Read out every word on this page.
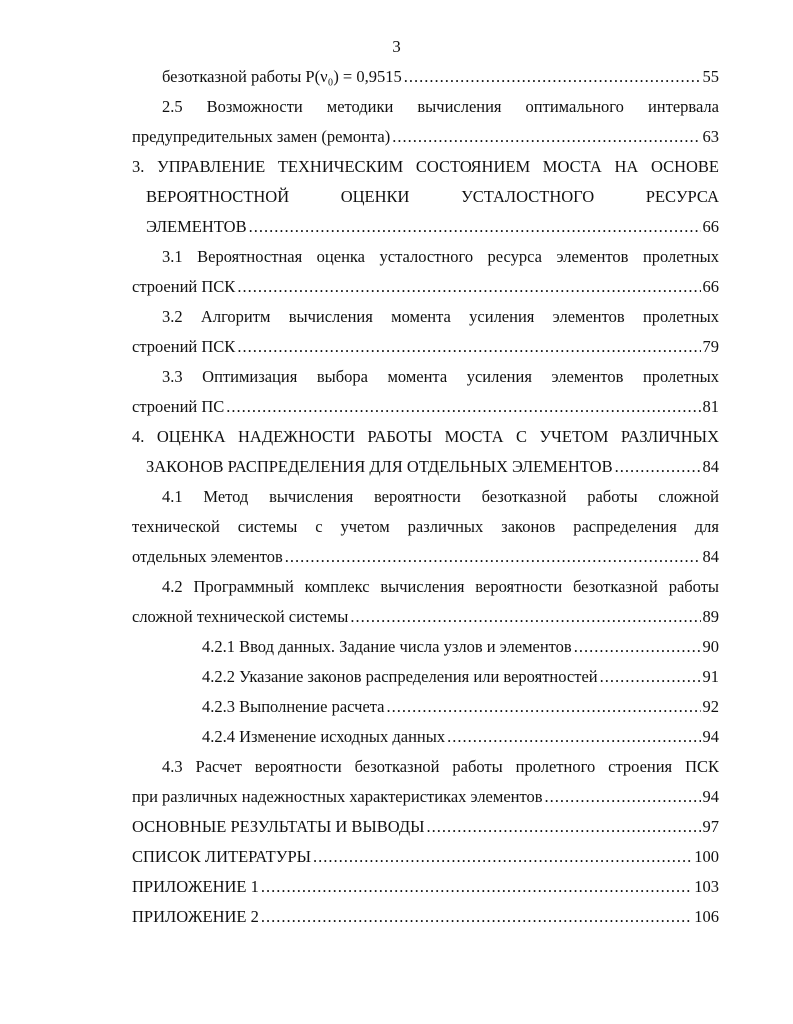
3
безотказной работы P(ν₀) = 0,9515 .....	55
2.5 Возможности методики вычисления оптимального интервала
предупредительных замен (ремонта) .....	63
3. УПРАВЛЕНИЕ ТЕХНИЧЕСКИМ СОСТОЯНИЕМ МОСТА НА ОСНОВЕ
ВЕРОЯТНОСТНОЙ ОЦЕНКИ УСТАЛОСТНОГО РЕСУРСА
ЭЛЕМЕНТОВ .....	66
3.1 Вероятностная оценка усталостного ресурса элементов пролетных
строений ПСК .....	66
3.2 Алгоритм вычисления момента усиления элементов пролетных
строений ПСК .....	79
3.3 Оптимизация выбора момента усиления элементов пролетных
строений ПС .....	81
4. ОЦЕНКА НАДЕЖНОСТИ РАБОТЫ МОСТА С УЧЕТОМ РАЗЛИЧНЫХ
ЗАКОНОВ РАСПРЕДЕЛЕНИЯ ДЛЯ ОТДЕЛЬНЫХ ЭЛЕМЕНТОВ .....	84
4.1 Метод вычисления вероятности безотказной работы сложной
технической системы с учетом различных законов распределения для
отдельных элементов .....	84
4.2 Программный комплекс вычисления вероятности безотказной работы
сложной технической системы .....	89
4.2.1 Ввод данных. Задание числа узлов и элементов .....	90
4.2.2 Указание законов распределения или вероятностей .....	91
4.2.3 Выполнение расчета .....	92
4.2.4 Изменение исходных данных .....	94
4.3 Расчет вероятности безотказной работы пролетного строения ПСК
при различных надежностных характеристиках элементов .....	94
ОСНОВНЫЕ РЕЗУЛЬТАТЫ И ВЫВОДЫ .....	97
СПИСОК ЛИТЕРАТУРЫ .....	100
ПРИЛОЖЕНИЕ 1 .....	103
ПРИЛОЖЕНИЕ 2 .....	106
